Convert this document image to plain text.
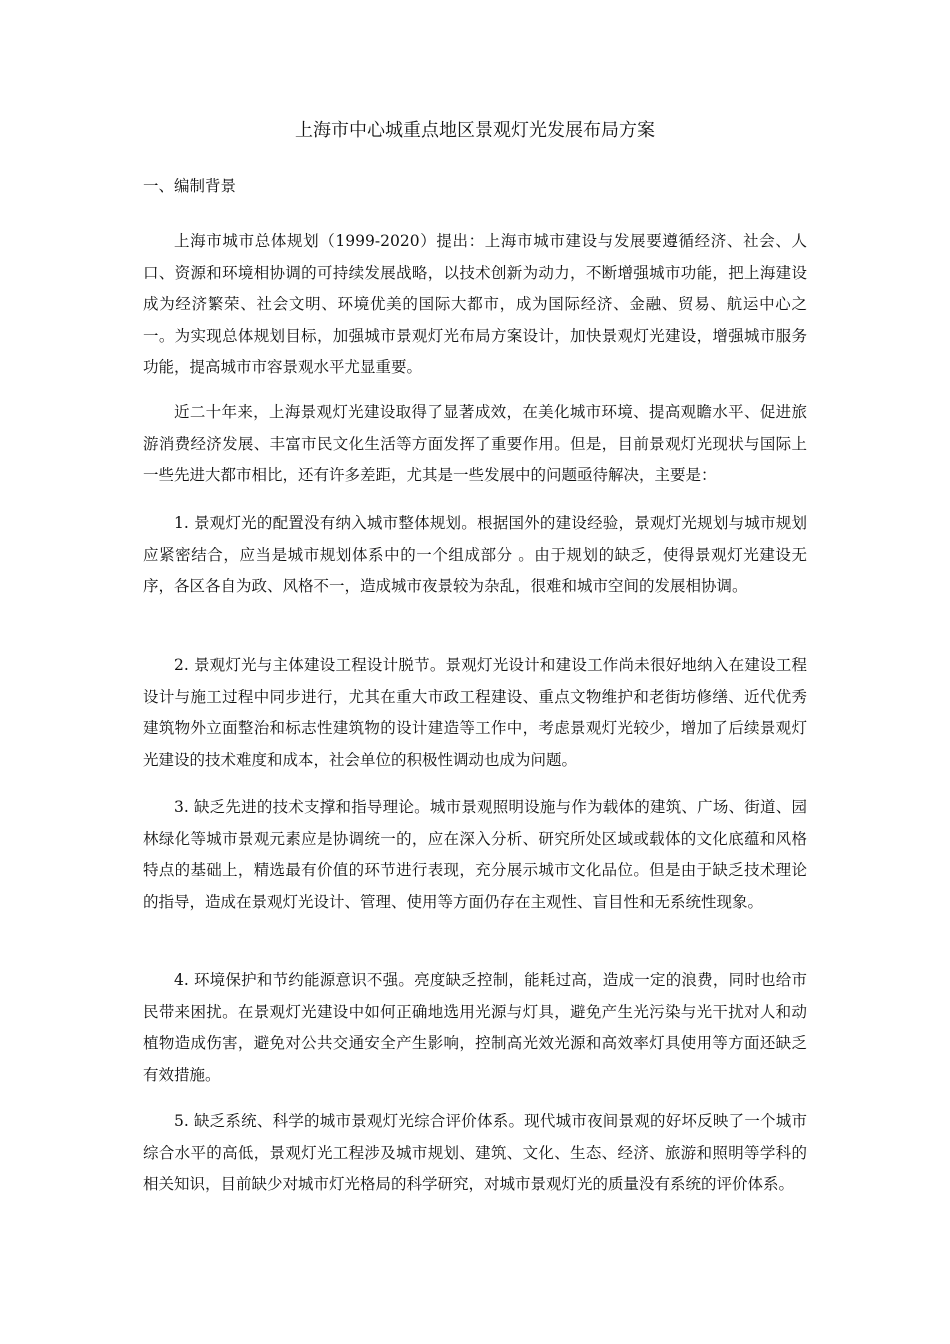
上海市中心城重点地区景观灯光发展布局方案
一、编制背景

上海市城市总体规划（1999-2020）提出：上海市城市建设与发展要遵循经济、社会、人口、资源和环境相协调的可持续发展战略，以技术创新为动力，不断增强城市功能，把上海建设成为经济繁荣、社会文明、环境优美的国际大都市，成为国际经济、金融、贸易、航运中心之一。为实现总体规划目标，加强城市景观灯光布局方案设计，加快景观灯光建设，增强城市服务功能，提高城市市容景观水平尤显重要。

近二十年来，上海景观灯光建设取得了显著成效，在美化城市环境、提高观瞻水平、促进旅游消费经济发展、丰富市民文化生活等方面发挥了重要作用。但是，目前景观灯光现状与国际上一些先进大都市相比，还有许多差距，尤其是一些发展中的问题亟待解决，主要是：

1. 景观灯光的配置没有纳入城市整体规划。根据国外的建设经验，景观灯光规划与城市规划应紧密结合，应当是城市规划体系中的一个组成部分 。由于规划的缺乏，使得景观灯光建设无序，各区各自为政、风格不一，造成城市夜景较为杂乱，很难和城市空间的发展相协调。

2. 景观灯光与主体建设工程设计脱节。景观灯光设计和建设工作尚未很好地纳入在建设工程设计与施工过程中同步进行，尤其在重大市政工程建设、重点文物维护和老街坊修缮、近代优秀建筑物外立面整治和标志性建筑物的设计建造等工作中，考虑景观灯光较少，增加了后续景观灯光建设的技术难度和成本，社会单位的积极性调动也成为问题。

3. 缺乏先进的技术支撑和指导理论。城市景观照明设施与作为载体的建筑、广场、街道、园林绿化等城市景观元素应是协调统一的，应在深入分析、研究所处区域或载体的文化底蕴和风格特点的基础上，精选最有价值的环节进行表现，充分展示城市文化品位。但是由于缺乏技术理论的指导，造成在景观灯光设计、管理、使用等方面仍存在主观性、盲目性和无系统性现象。

4. 环境保护和节约能源意识不强。亮度缺乏控制，能耗过高，造成一定的浪费，同时也给市民带来困扰。在景观灯光建设中如何正确地选用光源与灯具，避免产生光污染与光干扰对人和动植物造成伤害，避免对公共交通安全产生影响，控制高光效光源和高效率灯具使用等方面还缺乏有效措施。

5. 缺乏系统、科学的城市景观灯光综合评价体系。现代城市夜间景观的好坏反映了一个城市综合水平的高低，景观灯光工程涉及城市规划、建筑、文化、生态、经济、旅游和照明等学科的相关知识，目前缺少对城市灯光格局的科学研究，对城市景观灯光的质量没有系统的评价体系。
